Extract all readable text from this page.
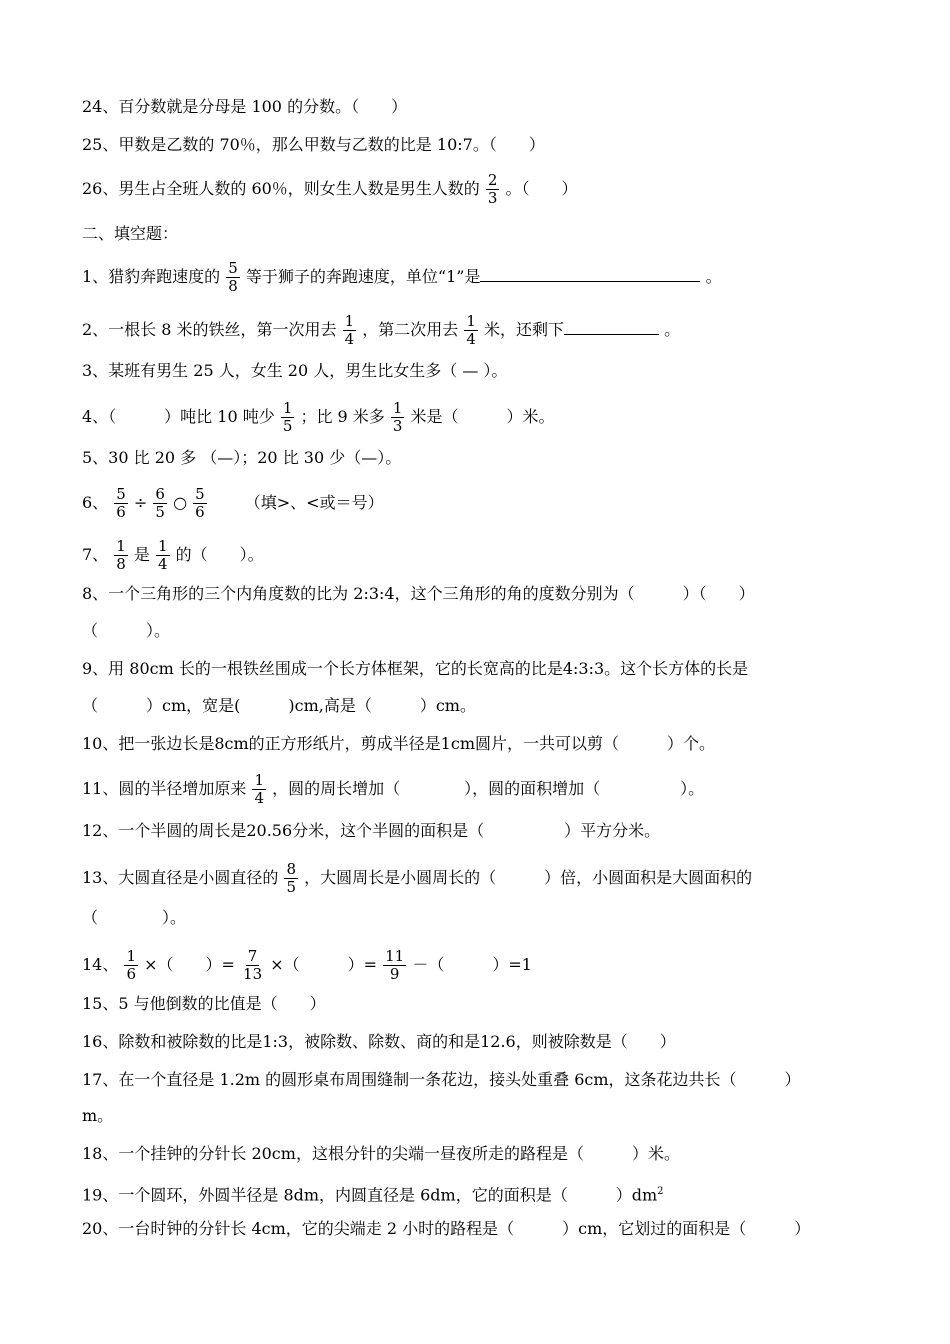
24、百分数就是分母是 100 的分数。（　　）
25、甲数是乙数的 70％，那么甲数与乙数的比是 10:7。（　　）
26、男生占全班人数的 60％，则女生人数是男生人数的 $\frac{2}{3}$ 。（　　）
二、填空题：
1、猎豹奔跑速度的 $\frac{5}{8}$ 等于狮子的奔跑速度，单位“1”是	。
2、一根长 8 米的铁丝，第一次用去 $\frac{1}{4}$ ，第二次用去 $\frac{1}{4}$ 米，还剩下	。
3、某班有男生 25 人，女生 20 人，男生比女生多（ — ）。
4、（　　　）吨比 10 吨少 $\frac{1}{5}$ ；比 9 米多 $\frac{1}{3}$ 米是（　　　）米。
5、30 比 20 多 （—）；20 比 30 少（—）。
6、 $\frac{5}{6} \div \frac{6}{5}$ ○ $\frac{5}{6}$ （填>、<或＝号）
7、 $\frac{1}{8}$ 是 $\frac{1}{4}$ 的（　　）。
8、一个三角形的三个内角度数的比为 2:3:4，这个三角形的角的度数分别为（　　　）（　　）
（　　　）。
9、用 80cm 长的一根铁丝围成一个长方体框架，它的长宽高的比是4:3:3。这个长方体的长是
（　　　）cm，宽是(　　　)cm,高是（　　　）cm。
10、把一张边长是8cm的正方形纸片，剪成半径是1cm圆片，一共可以剪（　　　）个。
11、圆的半径增加原来 $\frac{1}{4}$ ，圆的周长增加（　　　　），圆的面积增加（　　　　　）。
12、一个半圆的周长是20.56分米，这个半圆的面积是（　　　　　）平方分米。
13、大圆直径是小圆直径的 $\frac{8}{5}$ ，大圆周长是小圆周长的（　　　）倍，小圆面积是大圆面积的
（　　　　）。
14、 $\frac{1}{6}$ ×（　　）= $\frac{7}{13}$ ×（　　　）= $\frac{11}{9}$ －（　　　）=1
15、5 与他倒数的比值是（　　）
16、除数和被除数的比是1:3，被除数、除数、商的和是12.6，则被除数是（　　）
17、在一个直径是 1.2m 的圆形桌布周围缝制一条花边，接头处重叠 6cm，这条花边共长（　　　）
m。
18、一个挂钟的分针长 20cm，这根分针的尖端一昼夜所走的路程是（　　　）米。
19、一个圆环，外圆半径是 8dm，内圆直径是 6dm，它的面积是（　　　）$dm^2$
20、一台时钟的分针长 4cm，它的尖端走 2 小时的路程是（　　　）cm，它划过的面积是（　　　）
